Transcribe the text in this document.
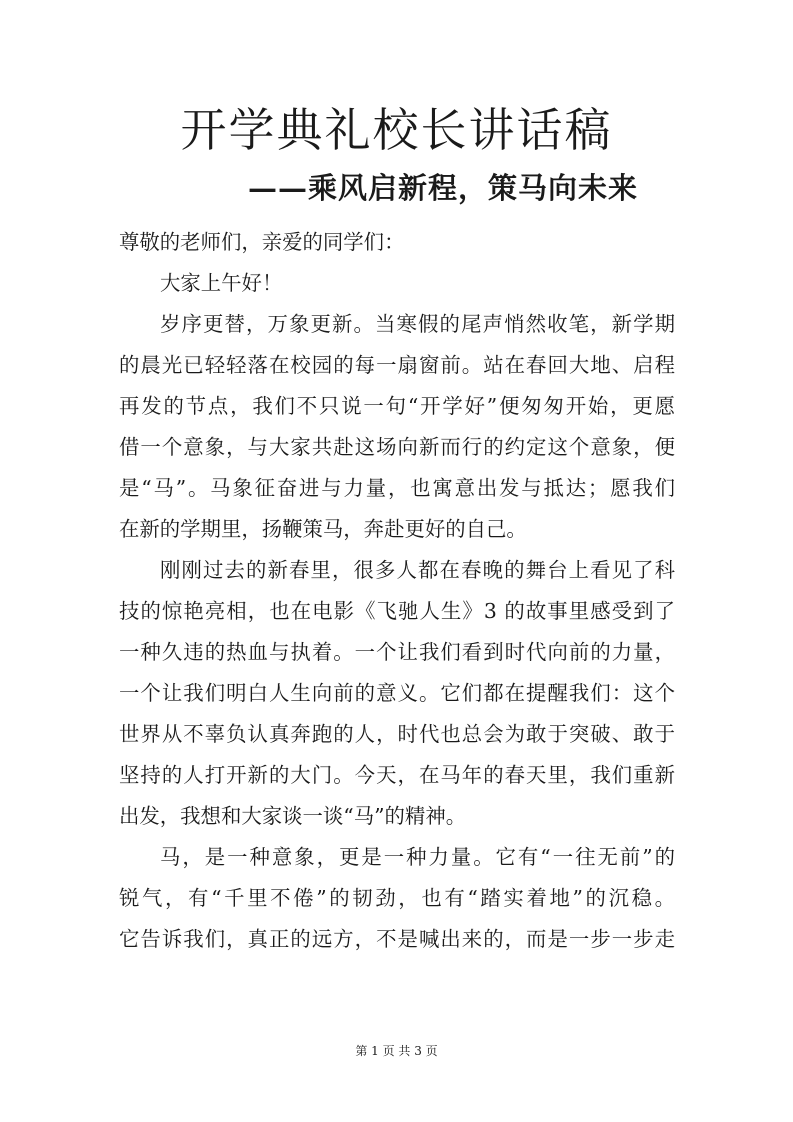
开学典礼校长讲话稿
——乘风启新程，策马向未来
尊敬的老师们，亲爱的同学们：
大家上午好！
岁序更替，万象更新。当寒假的尾声悄然收笔，新学期
的晨光已轻轻落在校园的每一扇窗前。站在春回大地、启程
再发的节点，我们不只说一句“开学好”便匆匆开始，更愿
借一个意象，与大家共赴这场向新而行的约定这个意象，便
是“马”。马象征奋进与力量，也寓意出发与抵达；愿我们
在新的学期里，扬鞭策马，奔赴更好的自己。
刚刚过去的新春里，很多人都在春晚的舞台上看见了科
技的惊艳亮相，也在电影《飞驰人生》3 的故事里感受到了
一种久违的热血与执着。一个让我们看到时代向前的力量，
一个让我们明白人生向前的意义。它们都在提醒我们：这个
世界从不辜负认真奔跑的人，时代也总会为敢于突破、敢于
坚持的人打开新的大门。今天，在马年的春天里，我们重新
出发，我想和大家谈一谈“马”的精神。
马，是一种意象，更是一种力量。它有“一往无前”的
锐气，有“千里不倦”的韧劲，也有“踏实着地”的沉稳。
它告诉我们，真正的远方，不是喊出来的，而是一步一步走
第 1 页 共 3 页
